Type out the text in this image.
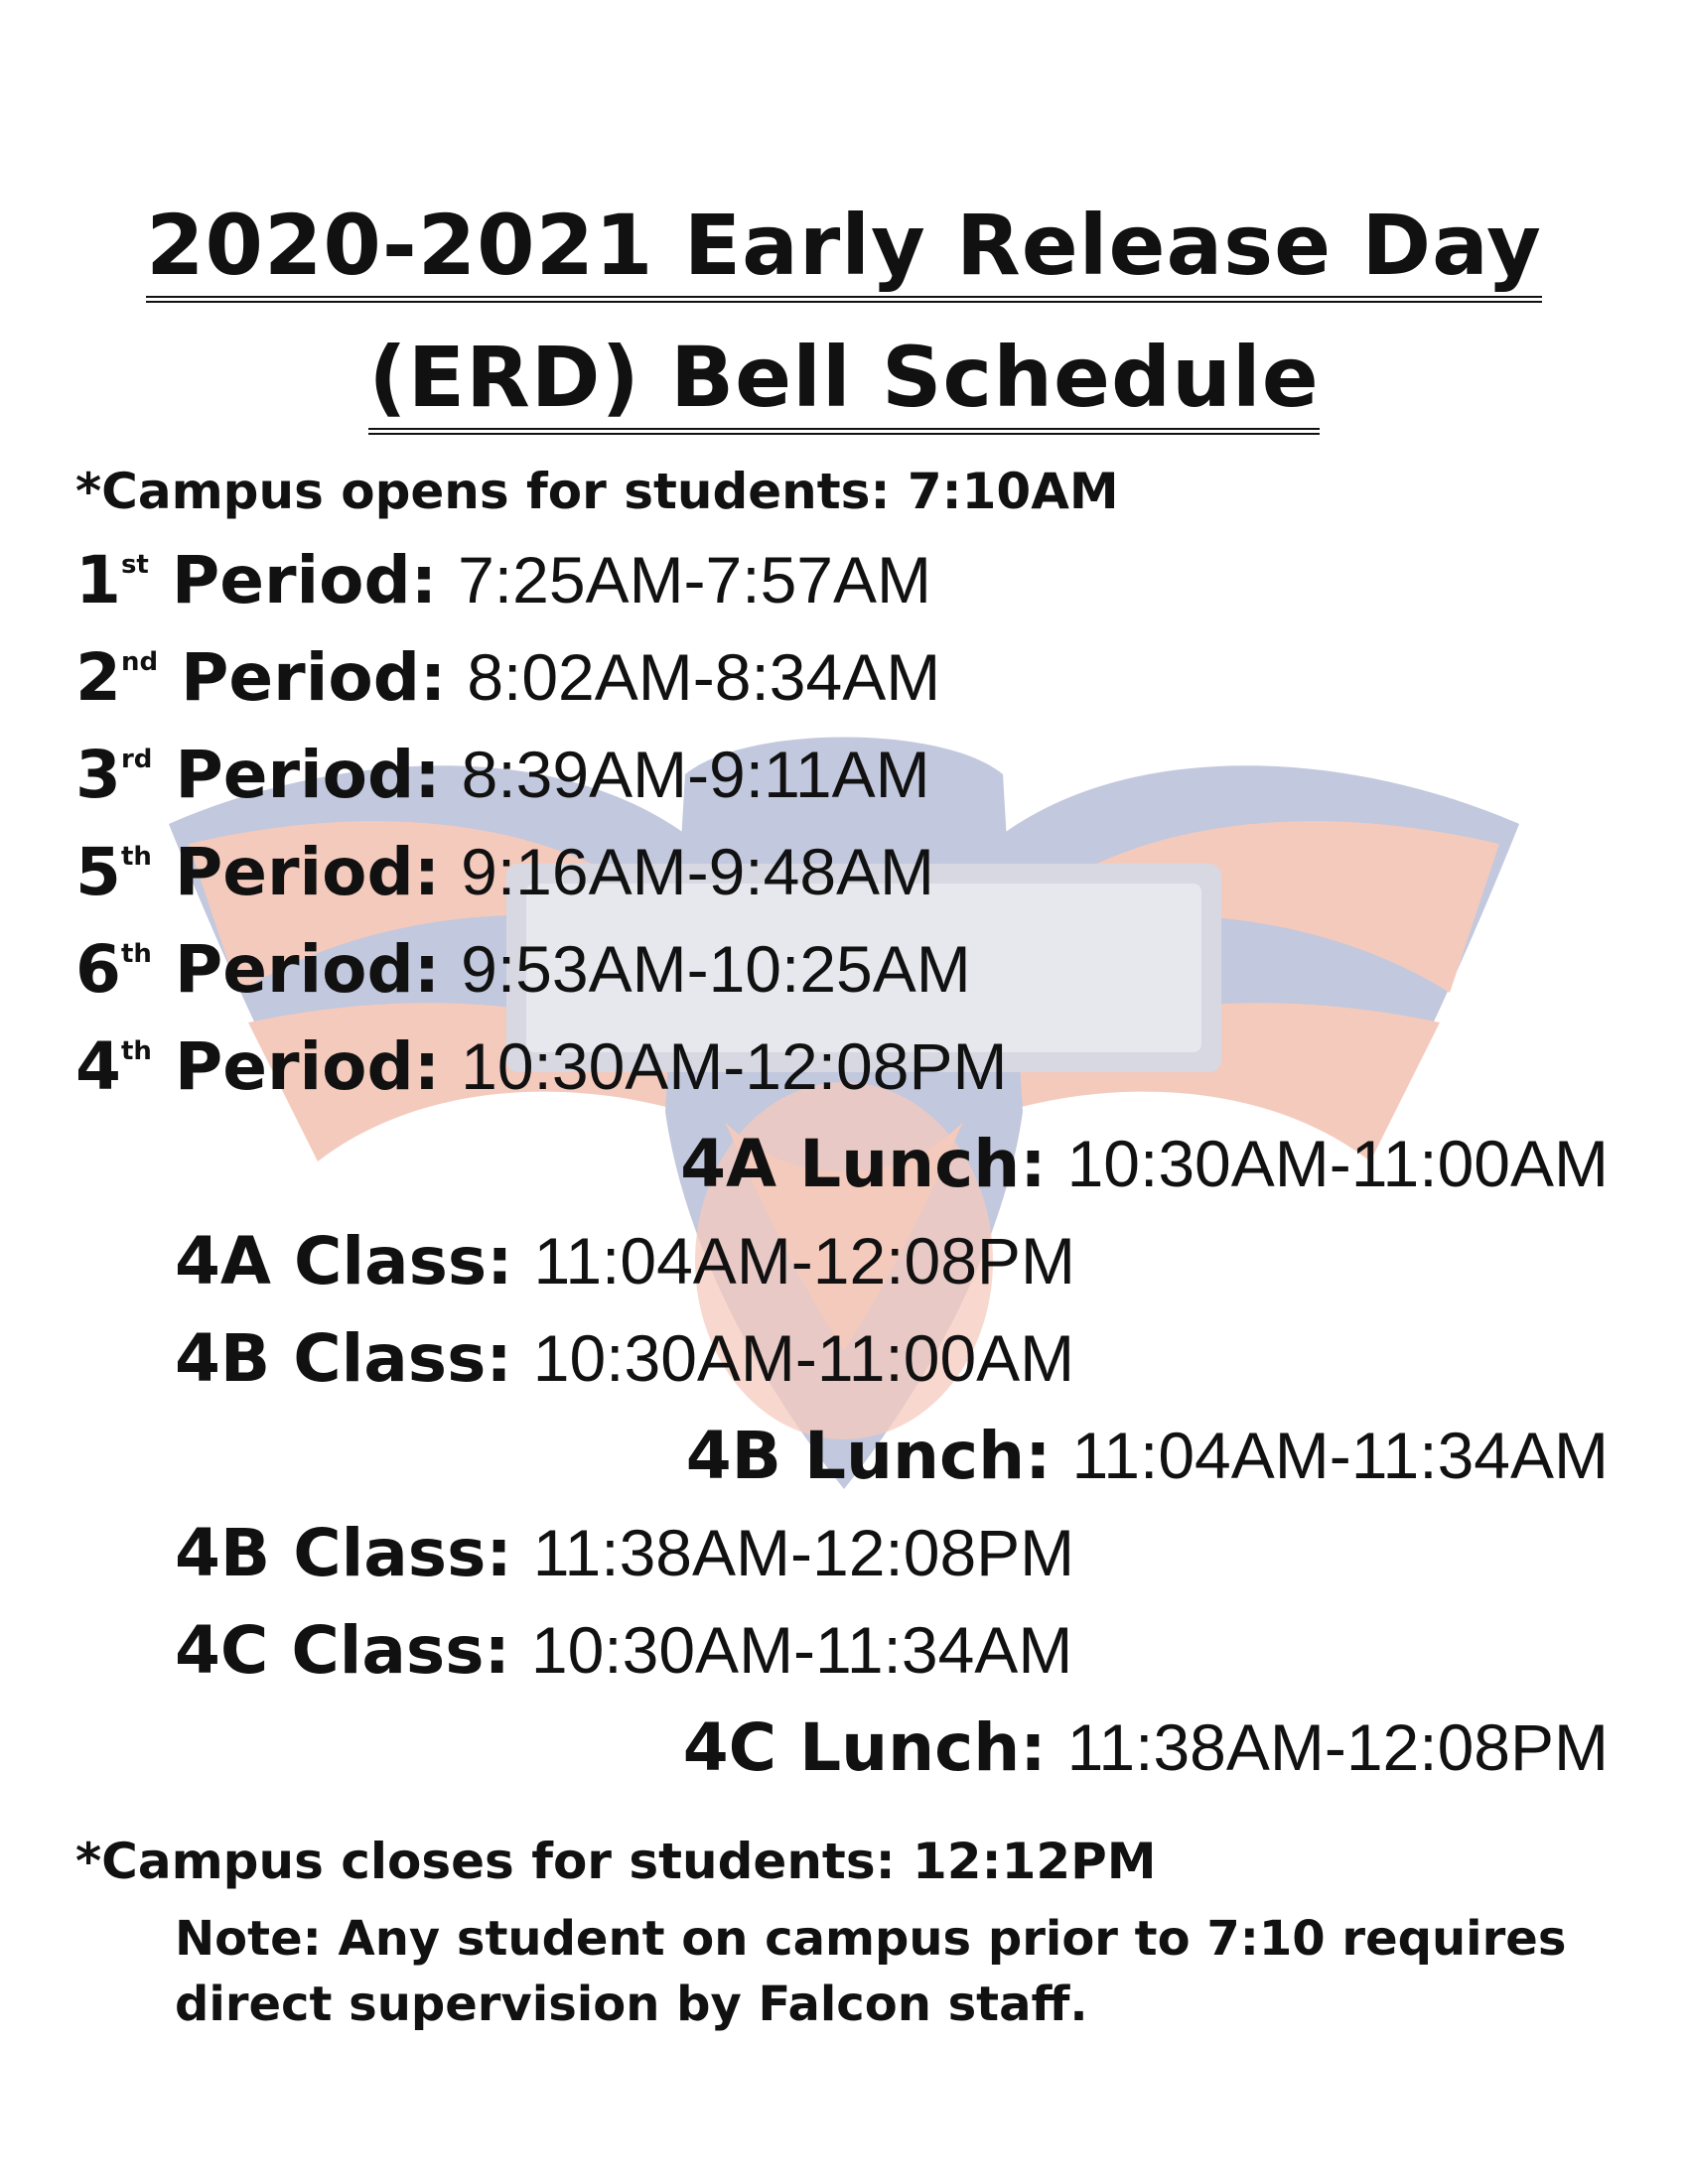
2020-2021 Early Release Day
(ERD) Bell Schedule
*Campus opens for students: 7:10AM
1st Period: 7:25AM-7:57AM
2nd Period: 8:02AM-8:34AM
3rd Period: 8:39AM-9:11AM
5th Period: 9:16AM-9:48AM
6th Period: 9:53AM-10:25AM
4th Period: 10:30AM-12:08PM
4A Lunch: 10:30AM-11:00AM
4A Class: 11:04AM-12:08PM
4B Class: 10:30AM-11:00AM
4B Lunch: 11:04AM-11:34AM
4B Class: 11:38AM-12:08PM
4C Class: 10:30AM-11:34AM
4C Lunch: 11:38AM-12:08PM
*Campus closes for students: 12:12PM
Note: Any student on campus prior to 7:10 requires direct supervision by Falcon staff.
